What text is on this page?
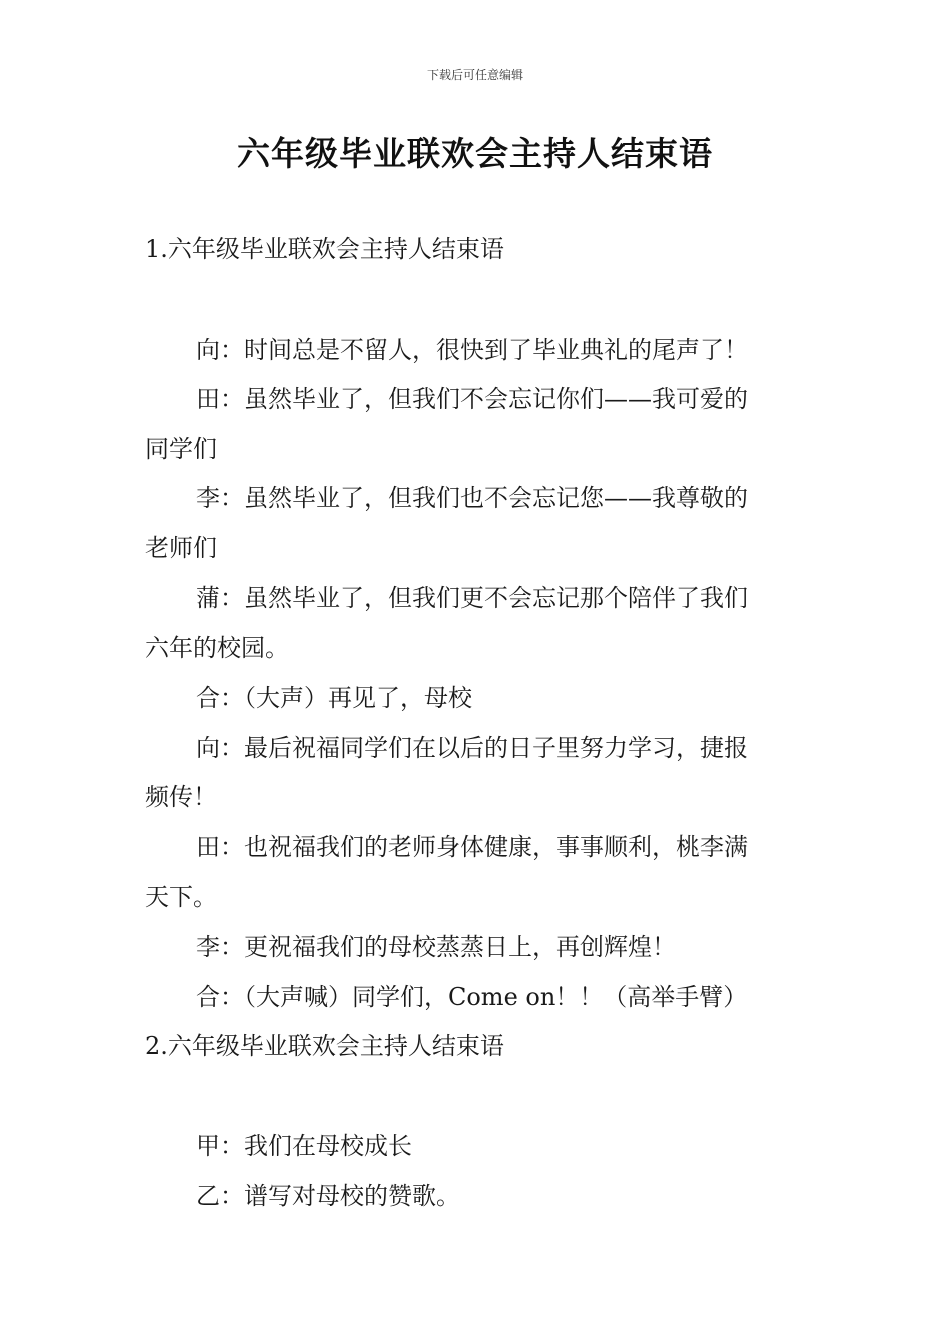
下载后可任意编辑
六年级毕业联欢会主持人结束语
1.六年级毕业联欢会主持人结束语
向：时间总是不留人，很快到了毕业典礼的尾声了！
田：虽然毕业了，但我们不会忘记你们——我可爱的
同学们
李：虽然毕业了，但我们也不会忘记您——我尊敬的
老师们
蒲：虽然毕业了，但我们更不会忘记那个陪伴了我们
六年的校园。
合：（大声）再见了，母校
向：最后祝福同学们在以后的日子里努力学习，捷报
频传！
田：也祝福我们的老师身体健康，事事顺利，桃李满
天下。
李：更祝福我们的母校蒸蒸日上，再创辉煌！
合：（大声喊）同学们，Come on！！（高举手臂）
2.六年级毕业联欢会主持人结束语
甲：我们在母校成长
乙：谱写对母校的赞歌。
